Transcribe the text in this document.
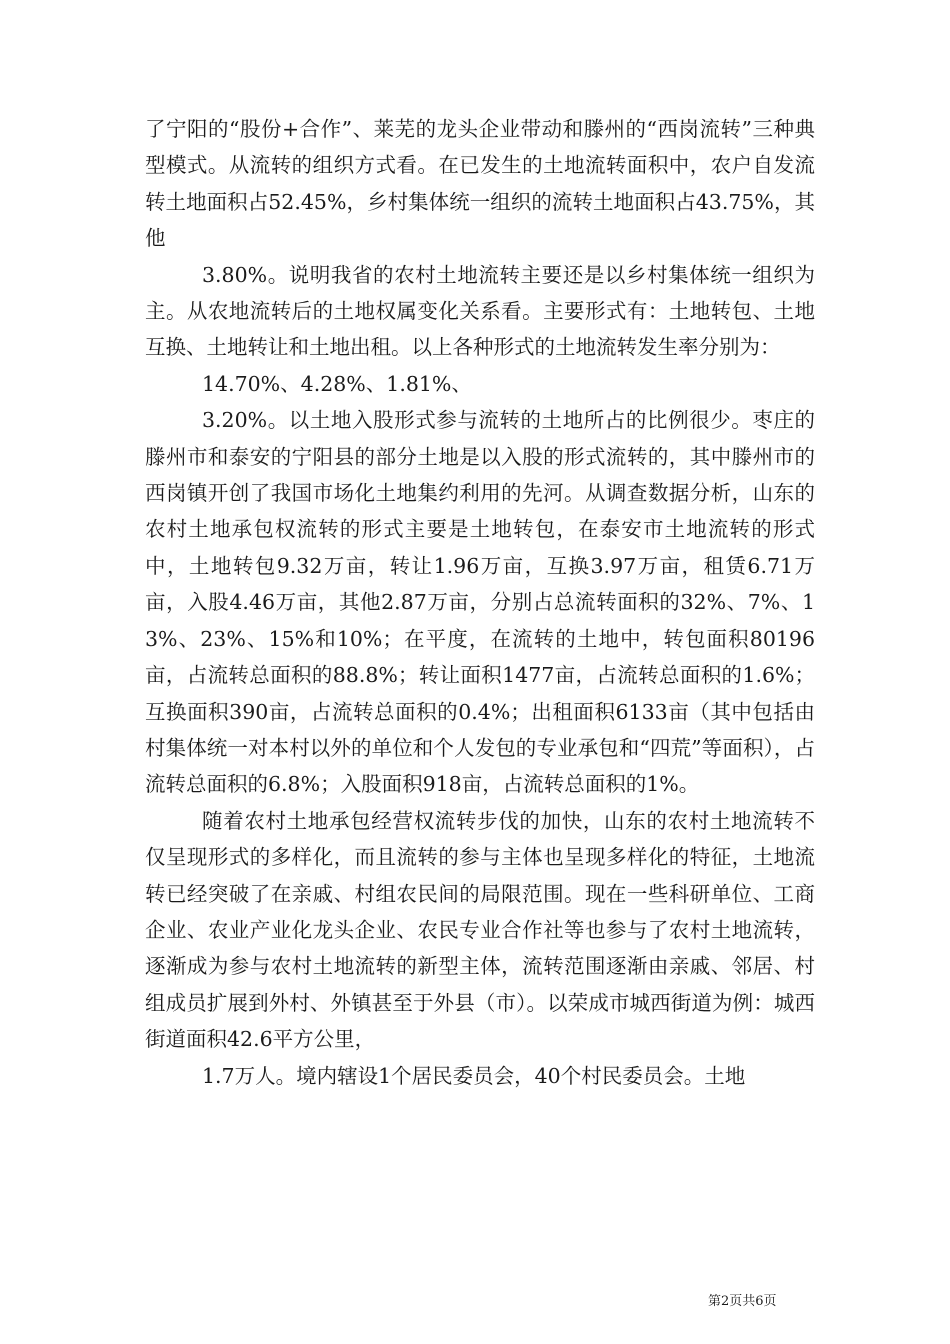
了宁阳的“股份+合作”、莱芜的龙头企业带动和滕州的“西岗流转”三种典型模式。从流转的组织方式看。在已发生的土地流转面积中，农户自发流转土地面积占52.45%，乡村集体统一组织的流转土地面积占43.75%，其他

3.80%。说明我省的农村土地流转主要还是以乡村集体统一组织为主。从农地流转后的土地权属变化关系看。主要形式有：土地转包、土地互换、土地转让和土地出租。以上各种形式的土地流转发生率分别为：

14.70%、4.28%、1.81%、

3.20%。以土地入股形式参与流转的土地所占的比例很少。枣庄的滕州市和泰安的宁阳县的部分土地是以入股的形式流转的，其中滕州市的西岗镇开创了我国市场化土地集约利用的先河。从调查数据分析，山东的农村土地承包权流转的形式主要是土地转包，在泰安市土地流转的形式中，土地转包9.32万亩，转让1.96万亩，互换3.97万亩，租赁6.71万亩，入股4.46万亩，其他2.87万亩，分别占总流转面积的32%、7%、13%、23%、15%和10%；在平度，在流转的土地中，转包面积80196亩，占流转总面积的88.8%；转让面积1477亩，占流转总面积的1.6%；互换面积390亩，占流转总面积的0.4%；出租面积6133亩（其中包括由村集体统一对本村以外的单位和个人发包的专业承包和“四荒”等面积），占流转总面积的6.8%；入股面积918亩，占流转总面积的1%。

随着农村土地承包经营权流转步伐的加快，山东的农村土地流转不仅呈现形式的多样化，而且流转的参与主体也呈现多样化的特征，土地流转已经突破了在亲戚、村组农民间的局限范围。现在一些科研单位、工商企业、农业产业化龙头企业、农民专业合作社等也参与了农村土地流转，逐渐成为参与农村土地流转的新型主体，流转范围逐渐由亲戚、邻居、村组成员扩展到外村、外镇甚至于外县（市）。以荣成市城西街道为例：城西街道面积42.6平方公里，

1.7万人。境内辖设1个居民委员会，40个村民委员会。土地

第2页共6页
